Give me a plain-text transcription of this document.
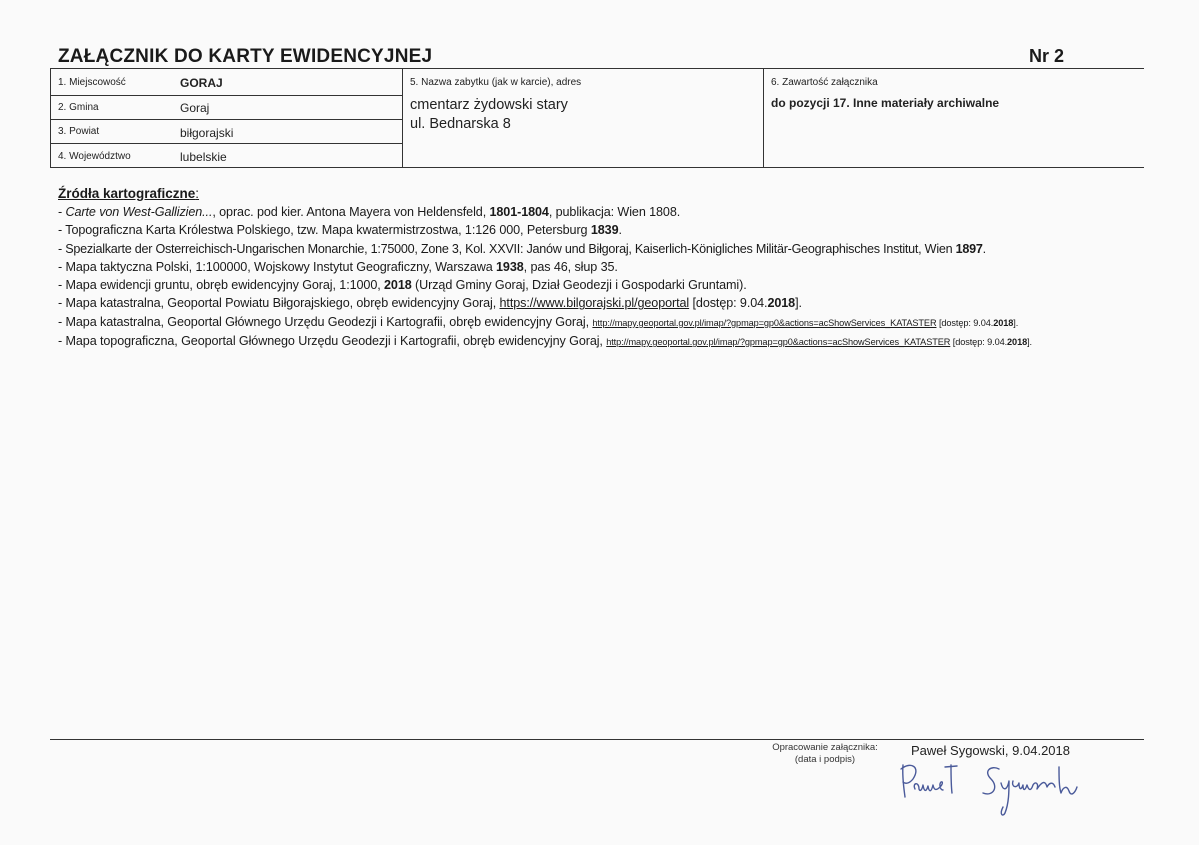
ZAŁĄCZNIK DO KARTY EWIDENCYJNEJ	Nr 2
1. Miejscowość	GORAJ
2. Gmina	Goraj
3. Powiat	biłgorajski
4. Województwo	lubelskie
5. Nazwa zabytku (jak w karcie), adres
cmentarz żydowski stary
ul. Bednarska 8
6. Zawartość załącznika
do pozycji 17. Inne materiały archiwalne
Źródła kartograficzne:
- Carte von West-Gallizien..., oprac. pod kier. Antona Mayera von Heldensfeld, 1801-1804, publikacja: Wien 1808.
- Topograficzna Karta Królestwa Polskiego, tzw. Mapa kwatermistrzostwa, 1:126 000, Petersburg 1839.
- Spezialkarte der Osterreichisch-Ungarischen Monarchie, 1:75000, Zone 3, Kol. XXVII: Janów und Biłgoraj, Kaiserlich-Königliches Militär-Geographisches Institut, Wien 1897.
- Mapa taktyczna Polski, 1:100000, Wojskowy Instytut Geograficzny, Warszawa 1938, pas 46, słup 35.
- Mapa ewidencji gruntu, obręb ewidencyjny Goraj, 1:1000, 2018 (Urząd Gminy Goraj, Dział Geodezji i Gospodarki Gruntami).
- Mapa katastralna, Geoportal Powiatu Biłgorajskiego, obręb ewidencyjny Goraj, https://www.bilgorajski.pl/geoportal [dostęp: 9.04.2018].
- Mapa katastralna, Geoportal Głównego Urzędu Geodezji i Kartografii, obręb ewidencyjny Goraj, http://mapy.geoportal.gov.pl/imap/?gpmap=gp0&actions=acShowServices_KATASTER [dostęp: 9.04.2018].
- Mapa topograficzna, Geoportal Głównego Urzędu Geodezji i Kartografii, obręb ewidencyjny Goraj, http://mapy.geoportal.gov.pl/imap/?gpmap=gp0&actions=acShowServices_KATASTER [dostęp: 9.04.2018].
Opracowanie załącznika:
(data i podpis)
Paweł Sygowski, 9.04.2018
